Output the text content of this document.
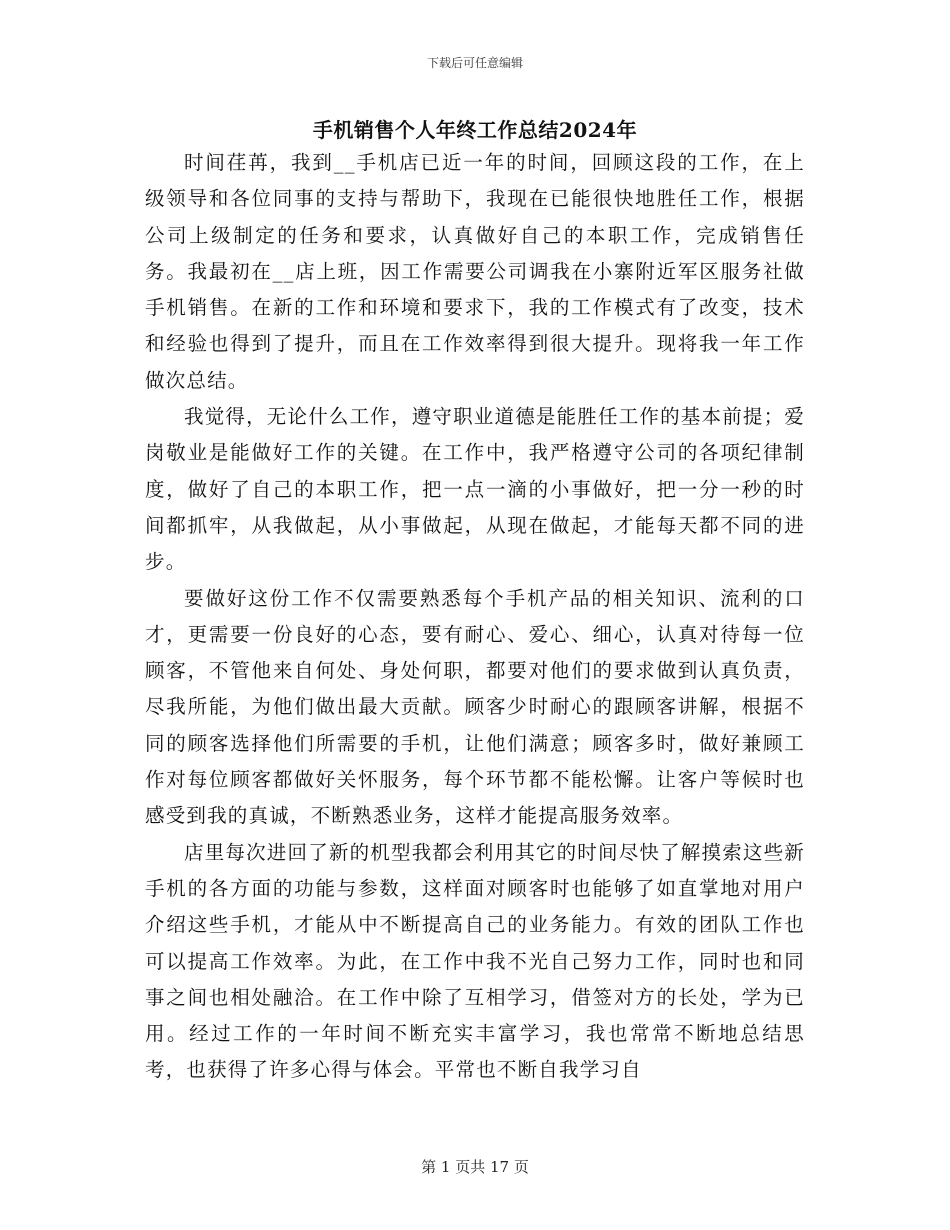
下载后可任意编辑
手机销售个人年终工作总结2024年

时间荏苒，我到__手机店已近一年的时间，回顾这段的工作，在上级领导和各位同事的支持与帮助下，我现在已能很快地胜任工作，根据公司上级制定的任务和要求，认真做好自己的本职工作，完成销售任务。我最初在__店上班，因工作需要公司调我在小寨附近军区服务社做手机销售。在新的工作和环境和要求下，我的工作模式有了改变，技术和经验也得到了提升，而且在工作效率得到很大提升。现将我一年工作做次总结。

我觉得，无论什么工作，遵守职业道德是能胜任工作的基本前提；爱岗敬业是能做好工作的关键。在工作中，我严格遵守公司的各项纪律制度，做好了自己的本职工作，把一点一滴的小事做好，把一分一秒的时间都抓牢，从我做起，从小事做起，从现在做起，才能每天都不同的进步。

要做好这份工作不仅需要熟悉每个手机产品的相关知识、流利的口才，更需要一份良好的心态，要有耐心、爱心、细心，认真对待每一位顾客，不管他来自何处、身处何职，都要对他们的要求做到认真负责，尽我所能，为他们做出最大贡献。顾客少时耐心的跟顾客讲解，根据不同的顾客选择他们所需要的手机，让他们满意；顾客多时，做好兼顾工作对每位顾客都做好关怀服务，每个环节都不能松懈。让客户等候时也感受到我的真诚，不断熟悉业务，这样才能提高服务效率。

店里每次进回了新的机型我都会利用其它的时间尽快了解摸索这些新手机的各方面的功能与参数，这样面对顾客时也能够了如直掌地对用户介绍这些手机，才能从中不断提高自己的业务能力。有效的团队工作也可以提高工作效率。为此，在工作中我不光自己努力工作，同时也和同事之间也相处融洽。在工作中除了互相学习，借签对方的长处，学为已用。经过工作的一年时间不断充实丰富学习，我也常常不断地总结思考，也获得了许多心得与体会。平常也不断自我学习自

第 1 页共 17 页
